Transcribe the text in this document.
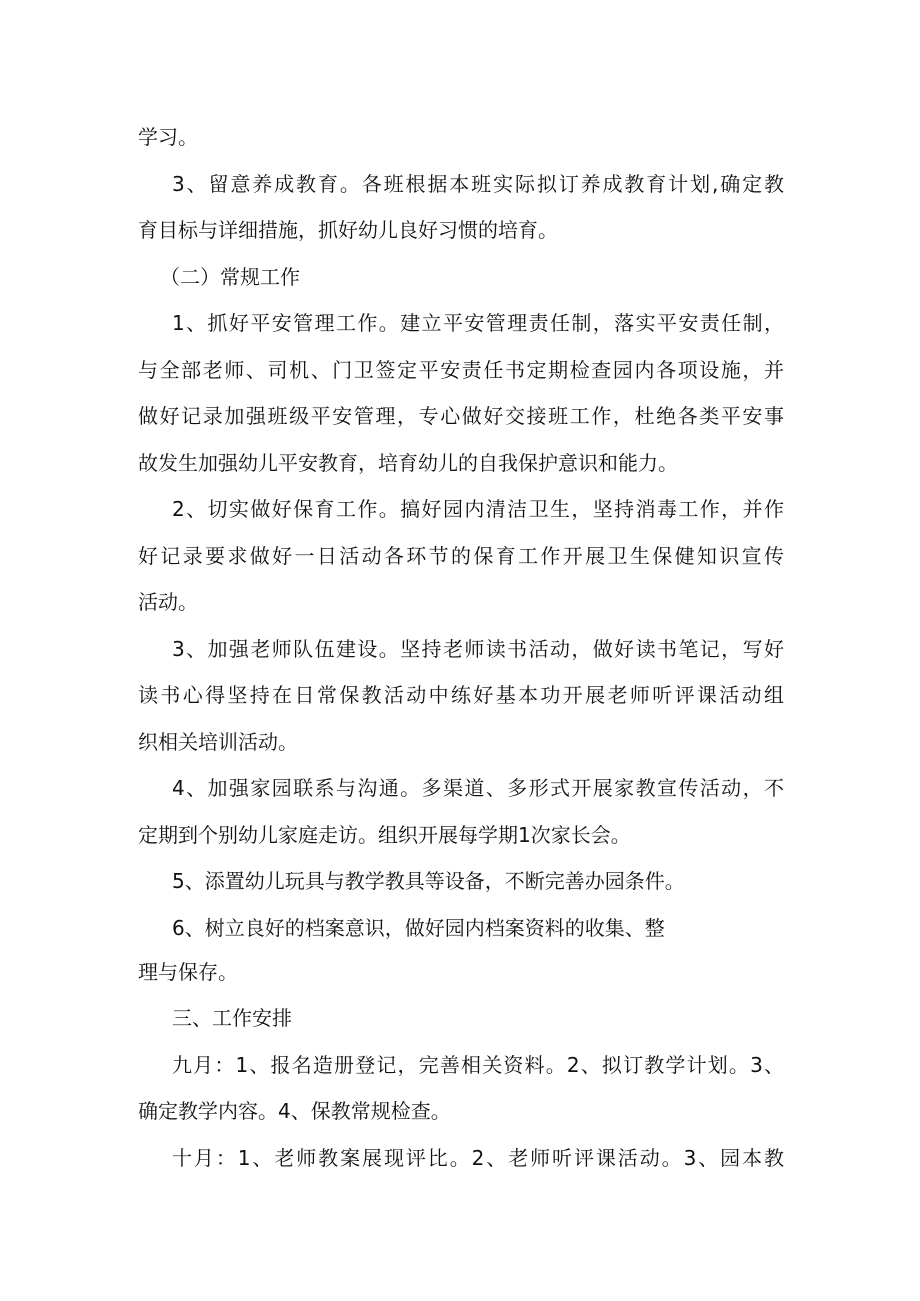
学习。
3、留意养成教育。各班根据本班实际拟订养成教育计划,确定教
育目标与详细措施，抓好幼儿良好习惯的培育。
（二）常规工作
1、抓好平安管理工作。建立平安管理责任制，落实平安责任制，
与全部老师、司机、门卫签定平安责任书定期检查园内各项设施，并
做好记录加强班级平安管理，专心做好交接班工作，杜绝各类平安事
故发生加强幼儿平安教育，培育幼儿的自我保护意识和能力。
2、切实做好保育工作。搞好园内清洁卫生，坚持消毒工作，并作
好记录要求做好一日活动各环节的保育工作开展卫生保健知识宣传
活动。
3、加强老师队伍建设。坚持老师读书活动，做好读书笔记，写好
读书心得坚持在日常保教活动中练好基本功开展老师听评课活动组
织相关培训活动。
4、加强家园联系与沟通。多渠道、多形式开展家教宣传活动，不
定期到个别幼儿家庭走访。组织开展每学期1次家长会。
5、添置幼儿玩具与教学教具等设备，不断完善办园条件。
6、树立良好的档案意识，做好园内档案资料的收集、整
理与保存。
三、工作安排
九月：1、报名造册登记，完善相关资料。2、拟订教学计划。3、
确定教学内容。4、保教常规检查。
十月：1、老师教案展现评比。2、老师听评课活动。3、园本教
